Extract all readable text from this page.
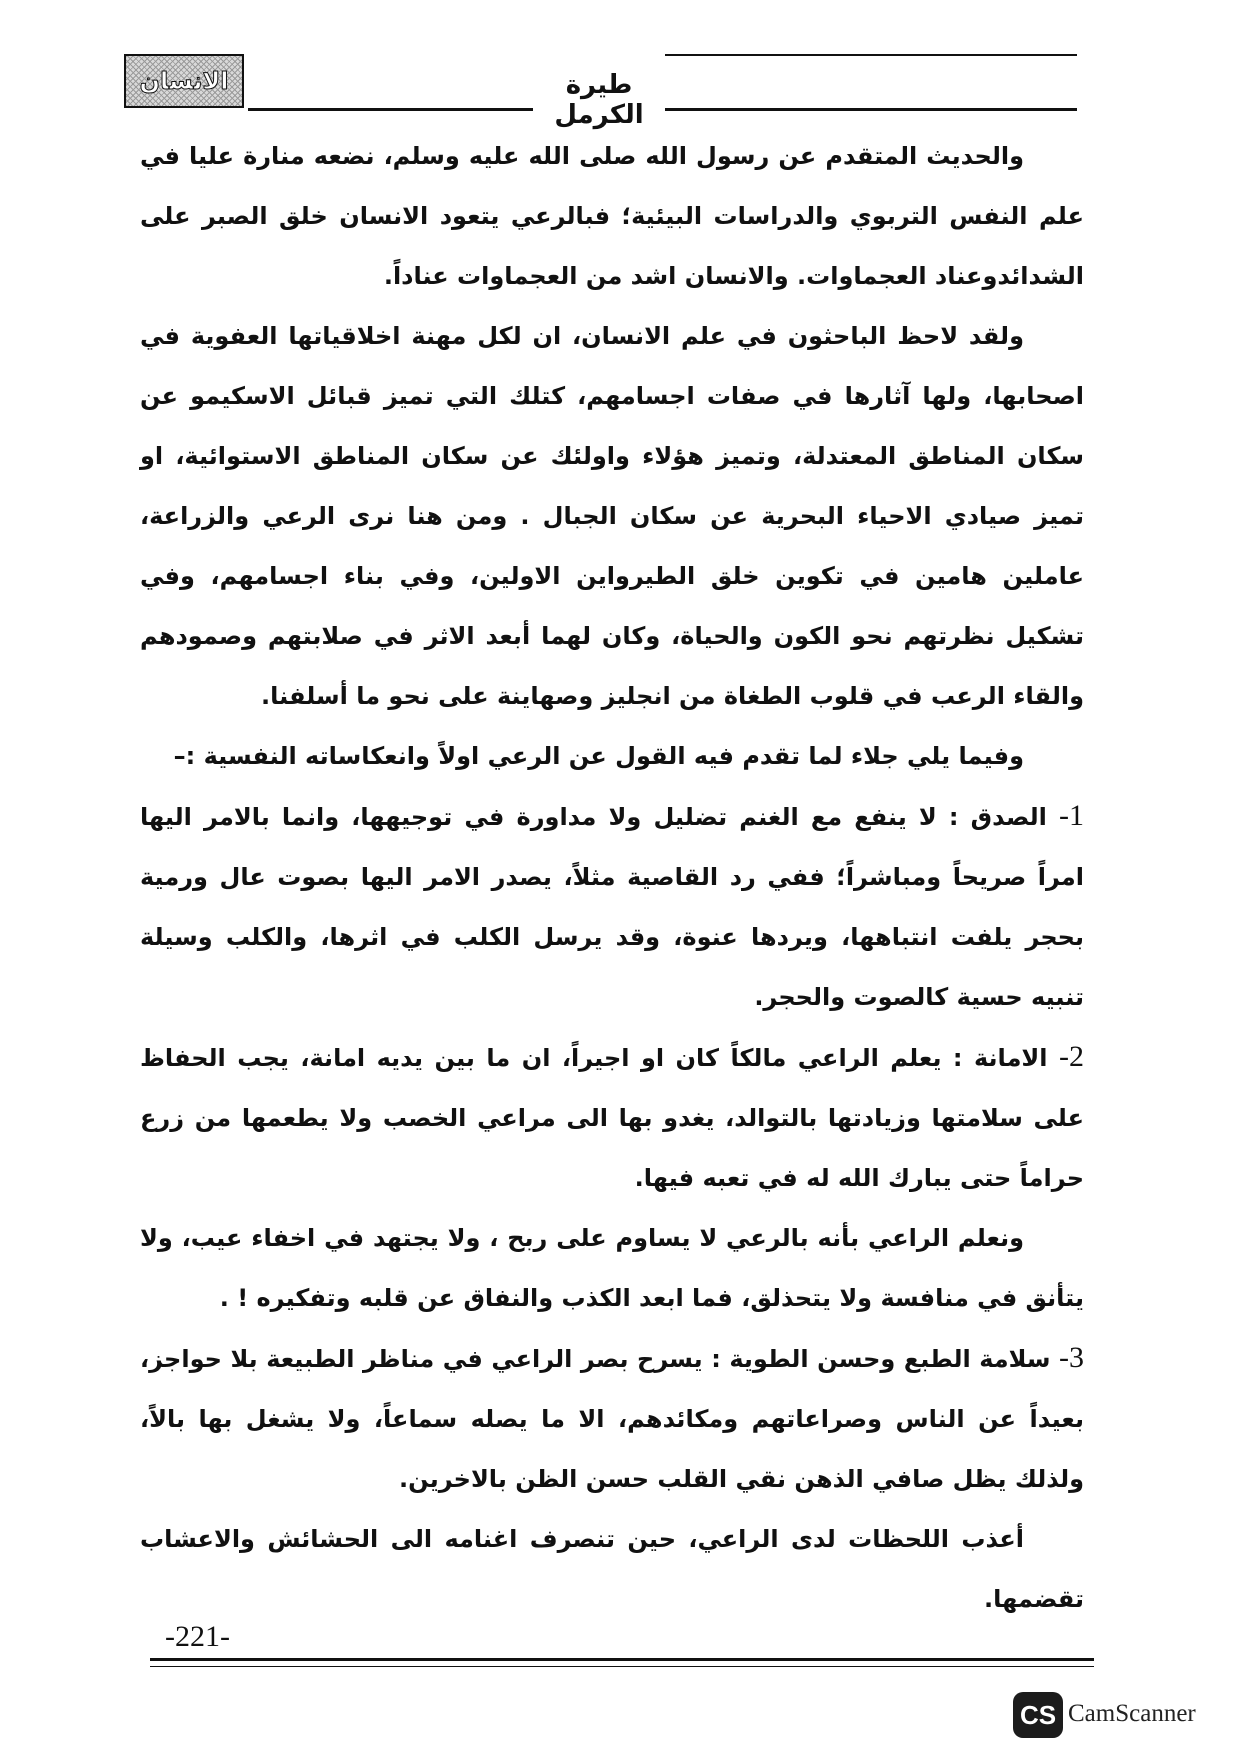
طيرة الكرمل
الانسان

والحديث المتقدم عن رسول الله صلى الله عليه وسلم، نضعه منارة عليا في علم النفس التربوي والدراسات البيئية؛ فبالرعي يتعود الانسان خلق الصبر على الشدائدوعناد العجماوات. والانسان اشد من العجماوات عناداً.

ولقد لاحظ الباحثون في علم الانسان، ان لكل مهنة اخلاقياتها العفوية في اصحابها، ولها آثارها في صفات اجسامهم، كتلك التي تميز قبائل الاسكيمو عن سكان المناطق المعتدلة، وتميز هؤلاء واولئك عن سكان المناطق الاستوائية، او تميز صيادي الاحياء البحرية عن سكان الجبال . ومن هنا نرى الرعي والزراعة، عاملين هامين في تكوين خلق الطيرواين الاولين، وفي بناء اجسامهم، وفي تشكيل نظرتهم نحو الكون والحياة، وكان لهما أبعد الاثر في صلابتهم وصمودهم والقاء الرعب في قلوب الطغاة من انجليز وصهاينة على نحو ما أسلفنا.

وفيما يلي جلاء لما تقدم فيه القول عن الرعي اولاً وانعكاساته النفسية :–

1- الصدق : لا ينفع مع الغنم تضليل ولا مداورة في توجيهها، وانما بالامر اليها امراً صريحاً ومباشراً؛ ففي رد القاصية مثلاً، يصدر الامر اليها بصوت عال ورمية بحجر يلفت انتباهها، ويردها عنوة، وقد يرسل الكلب في اثرها، والكلب وسيلة تنبيه حسية كالصوت والحجر.

2- الامانة : يعلم الراعي مالكاً كان او اجيراً، ان ما بين يديه امانة، يجب الحفاظ على سلامتها وزيادتها بالتوالد، يغدو بها الى مراعي الخصب ولا يطعمها من زرع حراماً حتى يبارك الله له في تعبه فيها.

ونعلم الراعي بأنه بالرعي لا يساوم على ربح ، ولا يجتهد في اخفاء عيب، ولا يتأنق في منافسة ولا يتحذلق، فما ابعد الكذب والنفاق عن قلبه وتفكيره ! .

3- سلامة الطبع وحسن الطوية : يسرح بصر الراعي في مناظر الطبيعة بلا حواجز، بعيداً عن الناس وصراعاتهم ومكائدهم، الا ما يصله سماعاً، ولا يشغل بها بالاً، ولذلك يظل صافي الذهن نقي القلب حسن الظن بالاخرين.

أعذب اللحظات لدى الراعي، حين تنصرف اغنامه الى الحشائش والاعشاب تقضمها.

-221-
CS CamScanner
